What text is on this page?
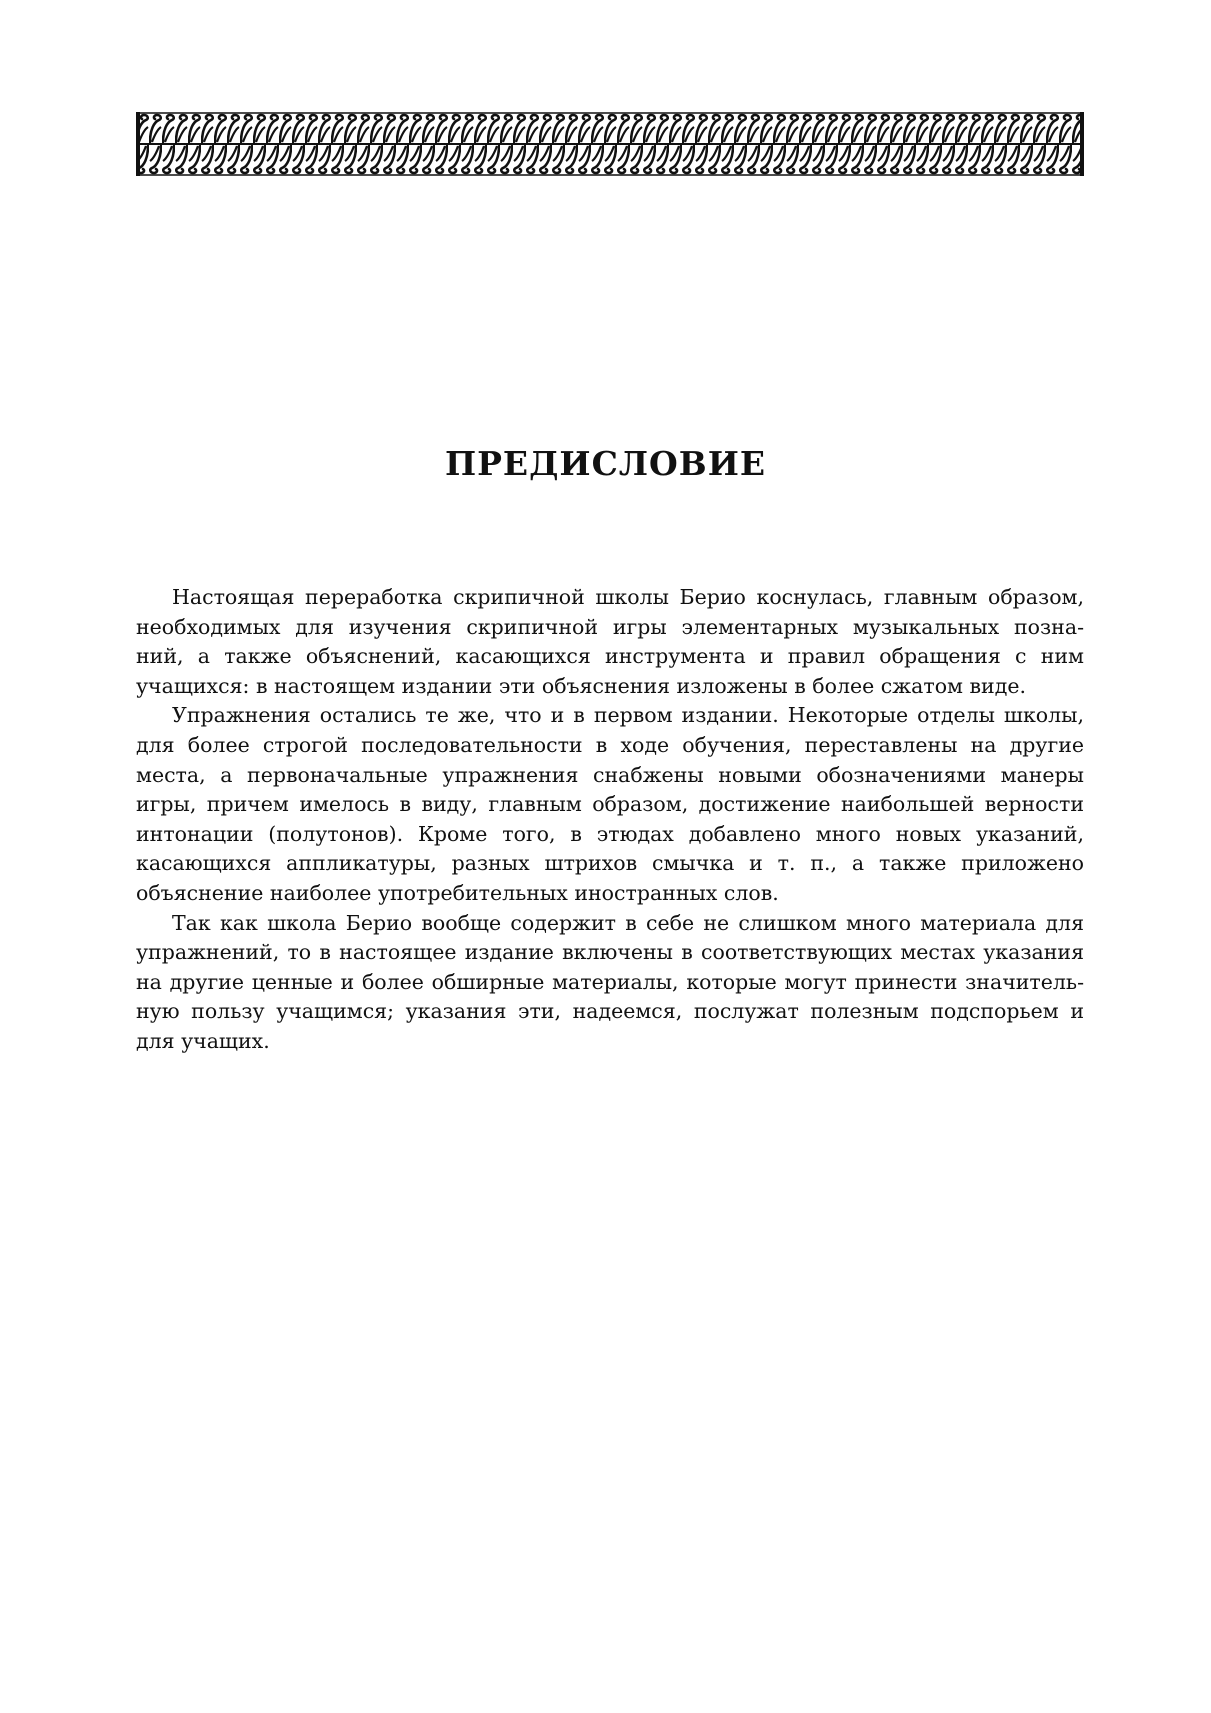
ПРЕДИСЛОВИЕ

Настоящая переработка скрипичной школы Берио коснулась, главным образом,
необходимых для изучения скрипичной игры элементарных музыкальных позна-
ний, а также объяснений, касающихся инструмента и правил обращения с ним
учащихся: в настоящем издании эти объяснения изложены в более сжатом виде.

Упражнения остались те же, что и в первом издании. Некоторые отделы школы,
для более строгой последовательности в ходе обучения, переставлены на другие
места, а первоначальные упражнения снабжены новыми обозначениями манеры
игры, причем имелось в виду, главным образом, достижение наибольшей верности
интонации (полутонов). Кроме того, в этюдах добавлено много новых указаний,
касающихся аппликатуры, разных штрихов смычка и т. п., а также приложено
объяснение наиболее употребительных иностранных слов.

Так как школа Берио вообще содержит в себе не слишком много материала для
упражнений, то в настоящее издание включены в соответствующих местах указания
на другие ценные и более обширные материалы, которые могут принести значитель-
ную пользу учащимся; указания эти, надеемся, послужат полезным подспорьем и
для учащих.
